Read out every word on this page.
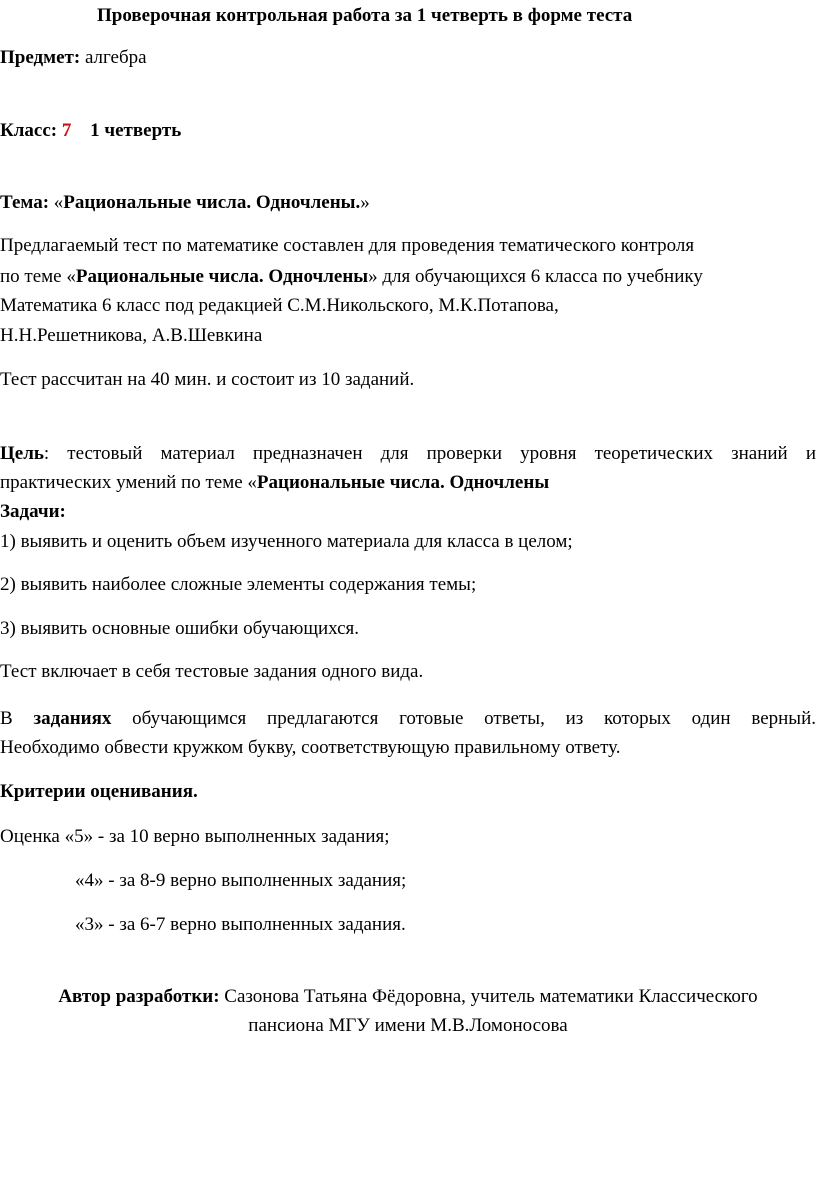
Проверочная контрольная работа за 1 четверть в форме теста
Предмет: алгебра
Класс: 7 1 четверть
Тема: «Рациональные числа. Одночлены.»
Предлагаемый тест по математике составлен для проведения тематического контроля
по теме «Рациональные числа. Одночлены» для обучающихся 6 класса по учебнику
Математика 6 класс под редакцией С.М.Никольского, М.К.Потапова,
Н.Н.Решетникова, А.В.Шевкина
Тест рассчитан на 40 мин. и состоит из 10 заданий.
Цель: тестовый материал предназначен для проверки уровня теоретических знаний и
практических умений по теме «Рациональные числа. Одночлены
Задачи:
1) выявить и оценить объем изученного материала для класса в целом;
2) выявить наиболее сложные элементы содержания темы;
3) выявить основные ошибки обучающихся.
Тест включает в себя тестовые задания одного вида.
В заданиях обучающимся предлагаются готовые ответы, из которых один верный.
Необходимо обвести кружком букву, соответствующую правильному ответу.
Критерии оценивания.
Оценка «5» - за 10 верно выполненных задания;
«4» - за 8-9 верно выполненных задания;
«3» - за 6-7 верно выполненных задания.
Автор разработки: Сазонова Татьяна Фёдоровна, учитель математики Классического
пансиона МГУ имени М.В.Ломоносова
